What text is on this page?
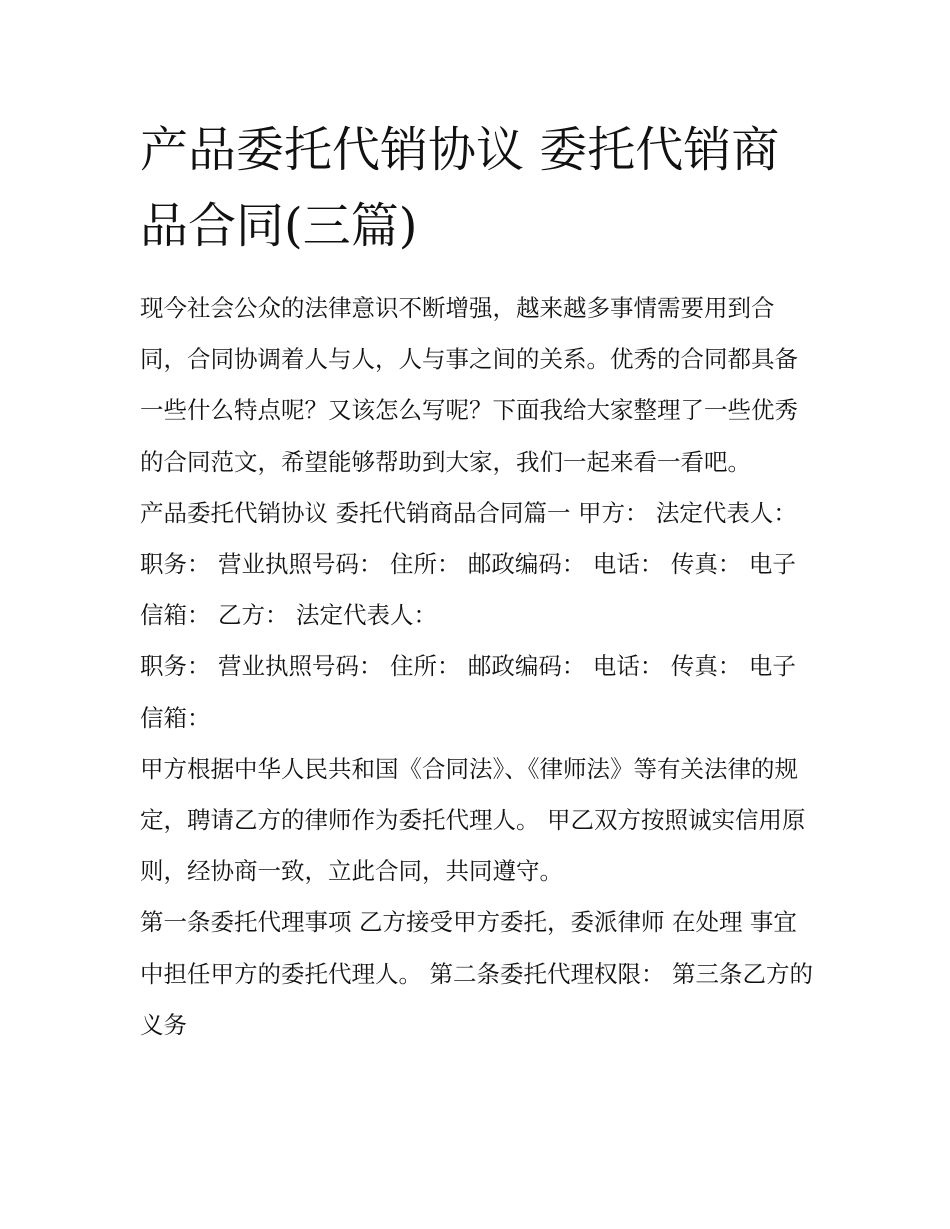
产品委托代销协议 委托代销商品合同(三篇)

现今社会公众的法律意识不断增强，越来越多事情需要用到合同，合同协调着人与人，人与事之间的关系。优秀的合同都具备一些什么特点呢？又该怎么写呢？下面我给大家整理了一些优秀的合同范文，希望能够帮助到大家，我们一起来看一看吧。

产品委托代销协议 委托代销商品合同篇一 甲方： 法定代表人： 职务： 营业执照号码： 住所： 邮政编码： 电话： 传真： 电子信箱： 乙方： 法定代表人：

职务： 营业执照号码： 住所： 邮政编码： 电话： 传真： 电子信箱：

甲方根据中华人民共和国《合同法》、《律师法》等有关法律的规定，聘请乙方的律师作为委托代理人。 甲乙双方按照诚实信用原则，经协商一致，立此合同，共同遵守。

第一条委托代理事项 乙方接受甲方委托，委派律师 在处理 事宜中担任甲方的委托代理人。 第二条委托代理权限： 第三条乙方的义务
